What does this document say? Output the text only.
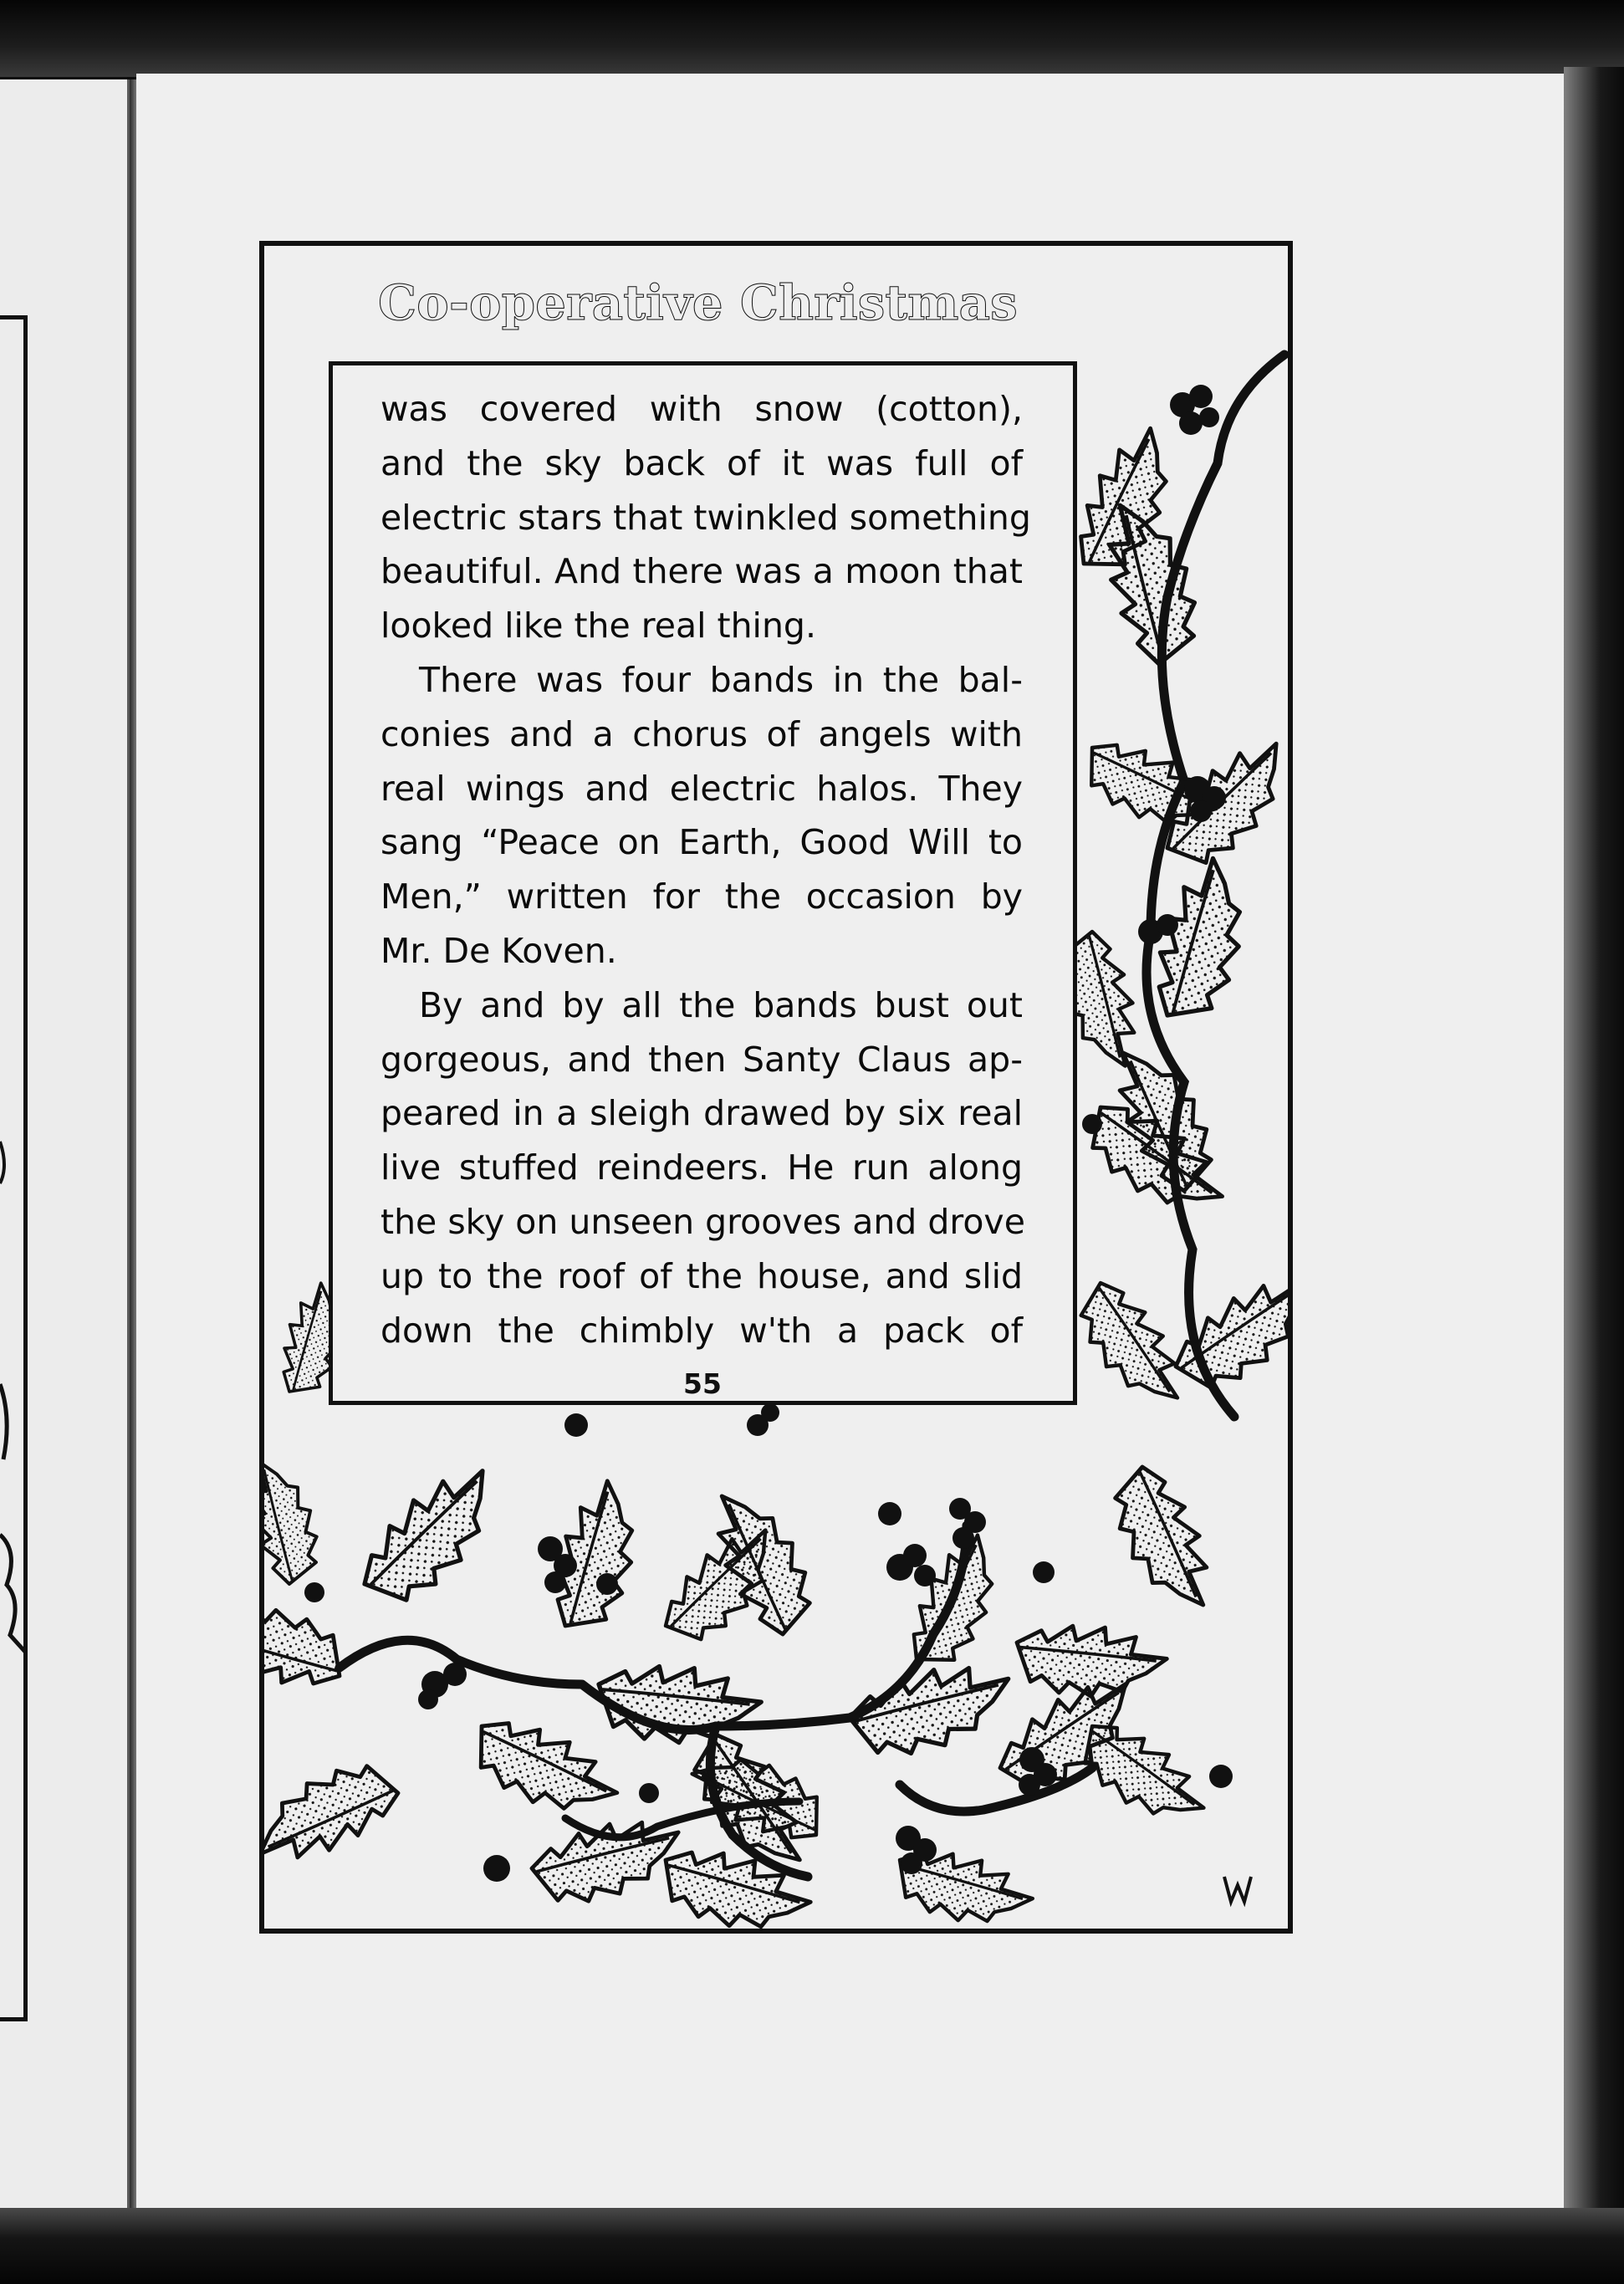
Co-operative Christmas
was covered with snow (cotton),
and the sky back of it was full of
electric stars that twinkled something
beautiful. And there was a moon that
looked like the real thing.
There was four bands in the bal-
conies and a chorus of angels with
real wings and electric halos. They
sang “Peace on Earth, Good Will to
Men,” written for the occasion by
Mr. De Koven.
By and by all the bands bust out
gorgeous, and then Santy Claus ap-
peared in a sleigh drawed by six real
live stuffed reindeers. He run along
the sky on unseen grooves and drove
up to the roof of the house, and slid
down the chimbly w'th a pack of
55
